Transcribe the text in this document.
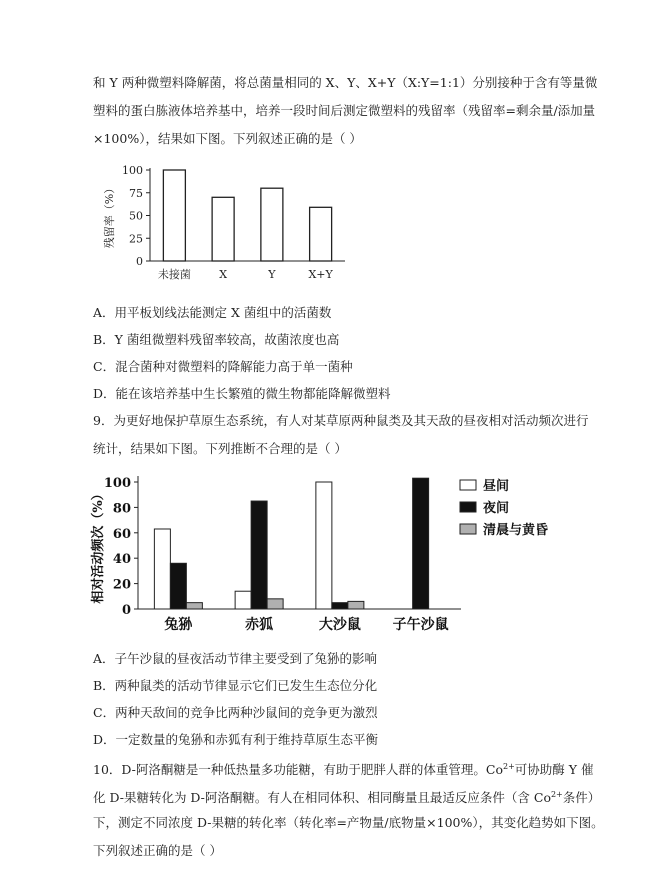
和 Y 两种微塑料降解菌，将总菌量相同的 X、Y、X+Y（X:Y=1:1）分别接种于含有等量微
塑料的蛋白胨液体培养基中，培养一段时间后测定微塑料的残留率（残留率=剩余量/添加量
×100%），结果如下图。下列叙述正确的是（ ）
0
25
50
75
100
残留率（%）
未接菌	X	Y	X+Y
A．用平板划线法能测定 X 菌组中的活菌数
B．Y 菌组微塑料残留率较高，故菌浓度也高
C．混合菌种对微塑料的降解能力高于单一菌种
D．能在该培养基中生长繁殖的微生物都能降解微塑料
9．为更好地保护草原生态系统，有人对某草原两种鼠类及其天敌的昼夜相对活动频次进行
统计，结果如下图。下列推断不合理的是（ ）
0
20
40
60
80
100
相对活动频次（%）
兔狲	赤狐	大沙鼠 子午沙鼠
昼间
夜间
清晨与黄昏
A．子午沙鼠的昼夜活动节律主要受到了兔狲的影响
B．两种鼠类的活动节律显示它们已发生生态位分化
C．两种天敌间的竞争比两种沙鼠间的竞争更为激烈
D．一定数量的兔狲和赤狐有利于维持草原生态平衡
10．D-阿洛酮糖是一种低热量多功能糖，有助于肥胖人群的体重管理。$Co^{2+}$可协助酶 Y 催
化 D-果糖转化为 D-阿洛酮糖。有人在相同体积、相同酶量且最适反应条件（含 $Co^{2+}$条件）
下，测定不同浓度 D-果糖的转化率（转化率=产物量/底物量×100%），其变化趋势如下图。
下列叙述正确的是（ ）
